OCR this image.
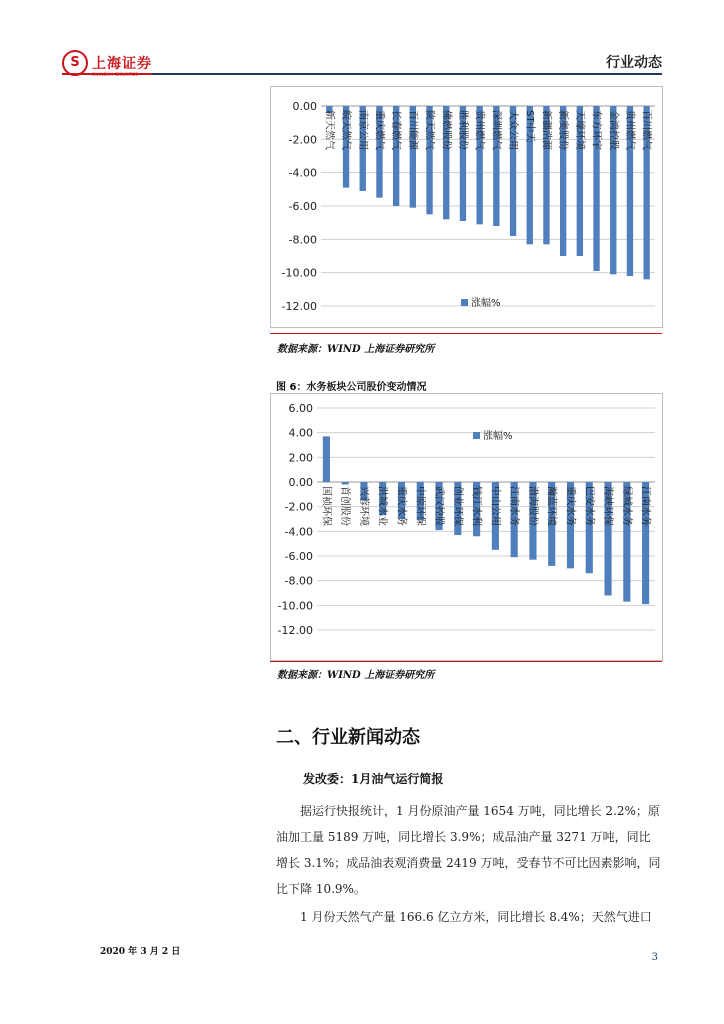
S 上海证券	行业动态
0.00
-2.00
-4.00
-6.00
-8.00
-10.00
-12.00
新天然气 皖天然气 南京公用 重庆燃气 长春燃气 百川能源 陕天然气 佛燃股份 胜利股份 贵州燃气 深圳燃气 大众公用 ST中天 新疆浩源 新奥股份 天壕环境 东方环宇 金鸿控股 贵州燃气 百川燃气
涨幅%
数据来源：WIND 上海证券研究所
图 6：水务板块公司股价变动情况
6.00
4.00
2.00
0.00
-2.00
-4.00
-6.00
-8.00
-10.00
-12.00
国祯环保 首创股份 兴蓉环境 洪城水业 重庆水务 中原环保 武汉控股 创业环保 钱江水利 中山公用 江南水务 渤海股份 瀚蓝环境 重庆水务 巴安水务 海峡环保 绿城水务 江南水务
涨幅%
数据来源：WIND 上海证券研究所
二、行业新闻动态
发改委：1月油气运行简报
据运行快报统计，1 月份原油产量 1654 万吨，同比增长 2.2%；原油加工量 5189 万吨，同比增长 3.9%；成品油产量 3271 万吨，同比增长 3.1%；成品油表观消费量 2419 万吨，受春节不可比因素影响，同比下降 10.9%。
1 月份天然气产量 166.6 亿立方米，同比增长 8.4%；天然气进口
2020 年 3 月 2 日	3
